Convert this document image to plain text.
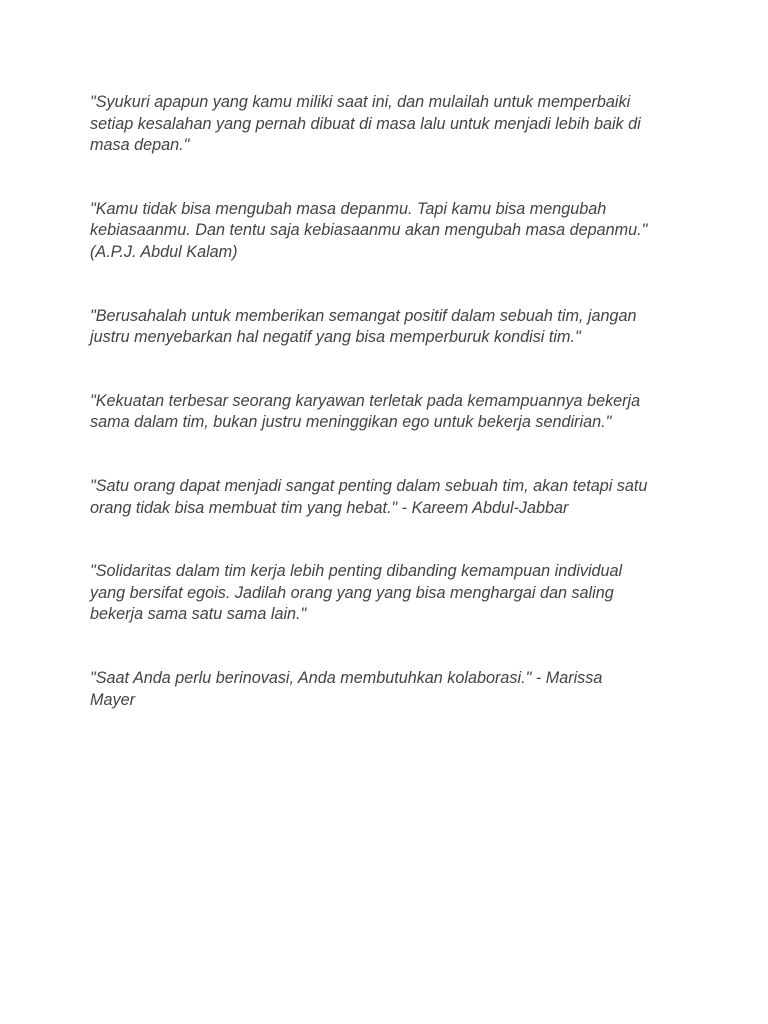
"Syukuri apapun yang kamu miliki saat ini, dan mulailah untuk memperbaiki
setiap kesalahan yang pernah dibuat di masa lalu untuk menjadi lebih baik di
masa depan."

"Kamu tidak bisa mengubah masa depanmu. Tapi kamu bisa mengubah
kebiasaanmu. Dan tentu saja kebiasaanmu akan mengubah masa depanmu."
(A.P.J. Abdul Kalam)

"Berusahalah untuk memberikan semangat positif dalam sebuah tim, jangan
justru menyebarkan hal negatif yang bisa memperburuk kondisi tim."

"Kekuatan terbesar seorang karyawan terletak pada kemampuannya bekerja
sama dalam tim, bukan justru meninggikan ego untuk bekerja sendirian."

"Satu orang dapat menjadi sangat penting dalam sebuah tim, akan tetapi satu
orang tidak bisa membuat tim yang hebat." - Kareem Abdul-Jabbar

"Solidaritas dalam tim kerja lebih penting dibanding kemampuan individual
yang bersifat egois. Jadilah orang yang yang bisa menghargai dan saling
bekerja sama satu sama lain."

"Saat Anda perlu berinovasi, Anda membutuhkan kolaborasi." - Marissa
Mayer
